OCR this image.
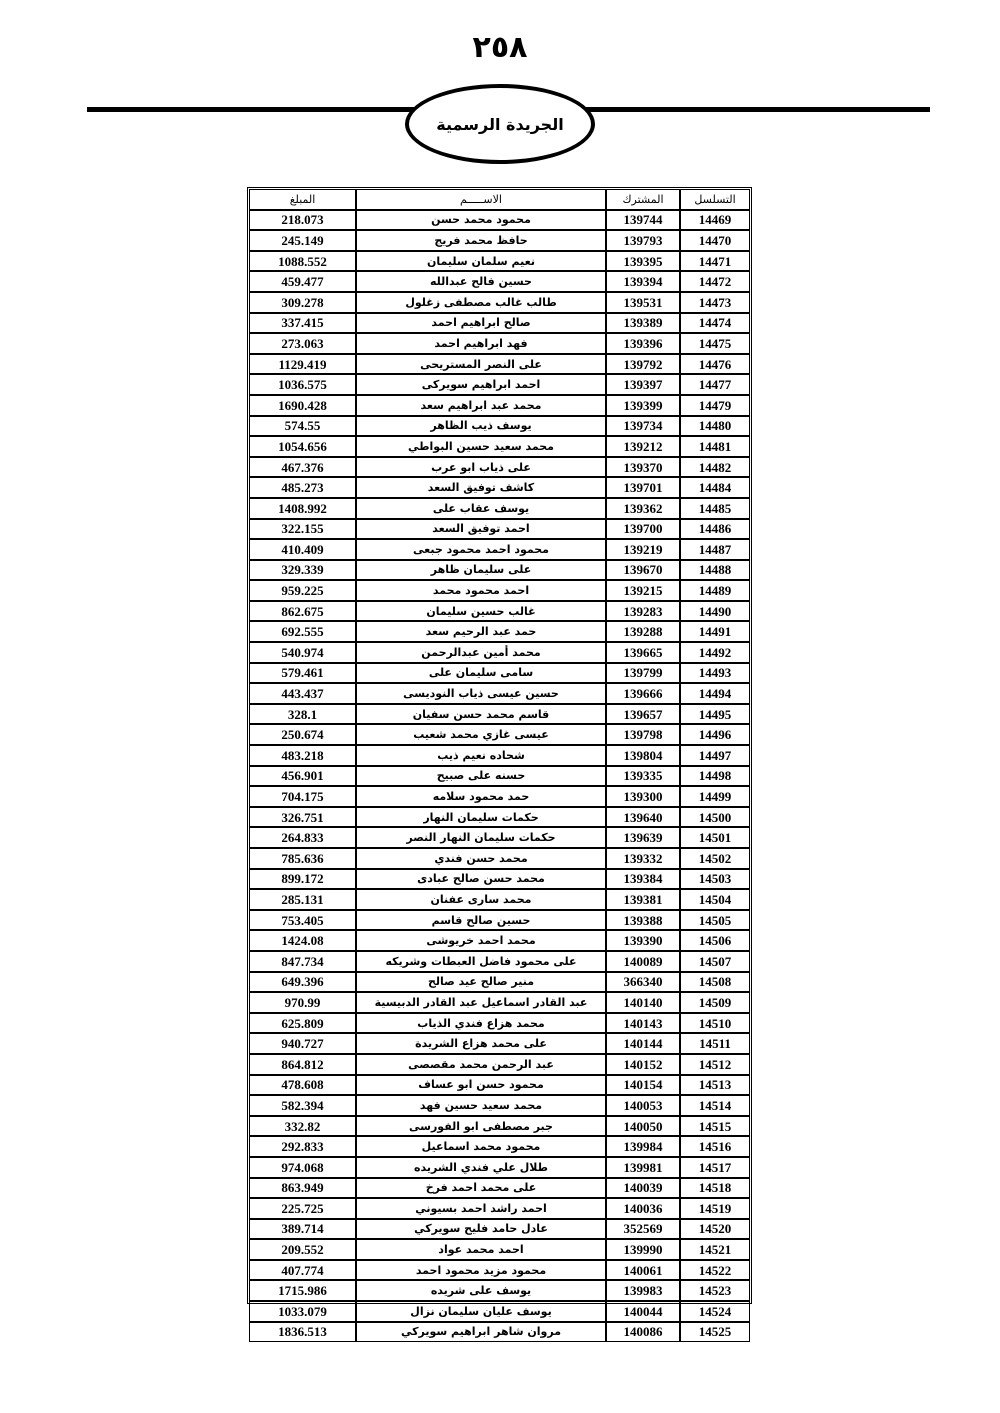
٢٥٨
الجريدة الرسمية
التسلسل	المشترك	الاســـــم	المبلغ
14469	139744	محمود محمد حسن	218.073
14470	139793	حافظ محمد فريج	245.149
14471	139395	نعيم سلمان سليمان	1088.552
14472	139394	حسين فالح عبدالله	459.477
14473	139531	طالب غالب مصطفى زغلول	309.278
14474	139389	صالح ابراهيم احمد	337.415
14475	139396	فهد ابراهيم احمد	273.063
14476	139792	على النصر المستريحى	1129.419
14477	139397	احمد ابراهيم سويركى	1036.575
14479	139399	محمد عبد ابراهيم سعد	1690.428
14480	139734	يوسف ذيب الظاهر	574.55
14481	139212	محمد سعيد حسين البواطي	1054.656
14482	139370	على ذياب ابو عرب	467.376
14484	139701	كاشف توفيق السعد	485.273
14485	139362	يوسف عقاب على	1408.992
14486	139700	احمد توفيق السعد	322.155
14487	139219	محمود احمد محمود جبعى	410.409
14488	139670	على سليمان ظاهر	329.339
14489	139215	احمد محمود محمد	959.225
14490	139283	غالب حسين سليمان	862.675
14491	139288	حمد عبد الرحيم سعد	692.555
14492	139665	محمد أمين عبدالرحمن	540.974
14493	139799	سامى سليمان على	579.461
14494	139666	حسين عيسى ذياب النوديسى	443.437
14495	139657	قاسم محمد حسن سفيان	328.1
14496	139798	عيسى غازي محمد شعيب	250.674
14497	139804	شحاده نعيم ذيب	483.218
14498	139335	حسنه على صبيح	456.901
14499	139300	حمد محمود سلامه	704.175
14500	139640	حكمات سليمان النهار	326.751
14501	139639	حكمات سليمان النهار النصر	264.833
14502	139332	محمد حسن فندي	785.636
14503	139384	محمد حسن صالح عبادى	899.172
14504	139381	محمد سارى عفنان	285.131
14505	139388	حسين صالح قاسم	753.405
14506	139390	محمد احمد خريوشى	1424.08
14507	140089	على محمود فاضل العبطات وشريكه	847.734
14508	366340	منير صالح عيد صالح	649.396
14509	140140	عبد القادر اسماعيل عبد القادر الدبيسية	970.99
14510	140143	محمد هزاع فندي الذياب	625.809
14511	140144	على محمد هزاع الشريدة	940.727
14512	140152	عبد الرحمن محمد مقصصى	864.812
14513	140154	محمود حسن ابو عساف	478.608
14514	140053	محمد سعيد حسين فهد	582.394
14515	140050	جبر مصطفى ابو الفورسى	332.82
14516	139984	محمود محمد اسماعيل	292.833
14517	139981	طلال علي فندي الشريده	974.068
14518	140039	على محمد احمد فرخ	863.949
14519	140036	احمد راشد احمد بسيوني	225.725
14520	352569	عادل حامد فليح سويركي	389.714
14521	139990	احمد محمد عواد	209.552
14522	140061	محمود مزيد محمود احمد	407.774
14523	139983	يوسف على شريده	1715.986
14524	140044	يوسف عليان سليمان نزال	1033.079
14525	140086	مروان شاهر ابراهيم سويركي	1836.513
